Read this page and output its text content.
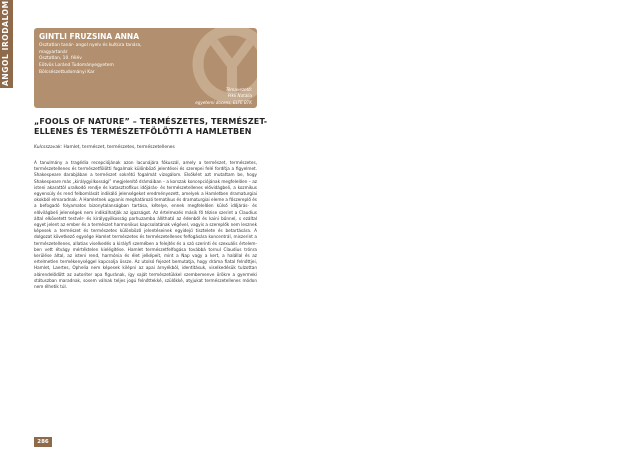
ANGOL IRODALOM	GINTLI FRUZSINA ANNA
Osztatlan tanár- angol nyelv és kultúra tanára,
magyartanár
Osztatlan, 10. félév
Eötvös Loránd Tudományegyetem
Bölcsészettudományi Kar
Témavezető:
Pikli Natália
egyetemi docens, ELTE BTK
„FOOLS OF NATURE” – TERMÉSZETES, TERMÉSZET-
ELLENES ÉS TERMÉSZETFÖLÖTTI A HAMLETBEN
Kulcsszavak: Hamlet, természet, természetes, természetellenes
A tanulmány a tragédia recepciójának azon lacunájára fókuszál, amely a természet, természetes, természetellenes és természetfölötti fogalmak különböző jelentései és szerepei felé fordítja a figyelmet. Shakespeare darabjában a természet sokrétű fogalmát vizsgálom. Elsőként azt mutattam be, hogy Shakespeare más „királygyilkossági” megjelenítő drámáiban – a korszak koncepciójának megfelelően – az isteni akarattól uralkodó rendje és katasztrofikus időjárás- és természetellenes elővidágbeli, a kozmikus egyensúly és rend felbomlását indikáló jelenségeket eredményezett, amelyek a Hamletben dramaturgiai okokból elmaradnak. A Hamletnek ugyanis meghatározó tematikus és dramaturgiai eleme a főszereplő és a befogadó folyamatos bizonytalanságban tartása, kételye, ennek megfelelően külső időjárás- és elővilágbeli jelenségek nem indikálhatják az igazságot. Az értelmezés másik fő tézise szerint a Claudius által elkövetett testvér- és királygyilkosság parhuzamba állítható az édenből és kaini bűnnel, s ezáltal egyet jelent az ember és a természet harmonikus kapcsolatának végével, vagyis a szereplők nem lesznek képesek a természet és természetes különböző jelentéseinek egyidejű tisztelete és betartására. A dolgozat következő egysége Hamlet természetes és természetellenes felfogására koncentrál, miszerint a természetellenes, allatias viselkedés a királyfi szemében a felejtés és a szó szerinti és szexuális értelemben vett étvágy mértéktelen kielégítése. Hamlet természetfelfogása továbbá tornul Claudius trónra kerülése által, az isteni rend, harmónia és élet jelképeit, mint a Nap vagy a kert, a halállal és az ertelmetlen termékenységgel kapcsolja össze. Az utolsó fejezet bemutatja, hogy dráma fiatal felnőttjei, Hamlet, Laertes, Ophelia nem képesek kilépni az apai árnyékból, identitásuk, viselkedésük tulzottan alárendelődött az autoriter apa figurának, így saját természetükkel szembemenve örökre a gyermeki státuszban maradnak, sosem válnak teljes jogú felnőttekké, szülőkké, atyjukat természetellenes módon nem élhetik túl.
286
